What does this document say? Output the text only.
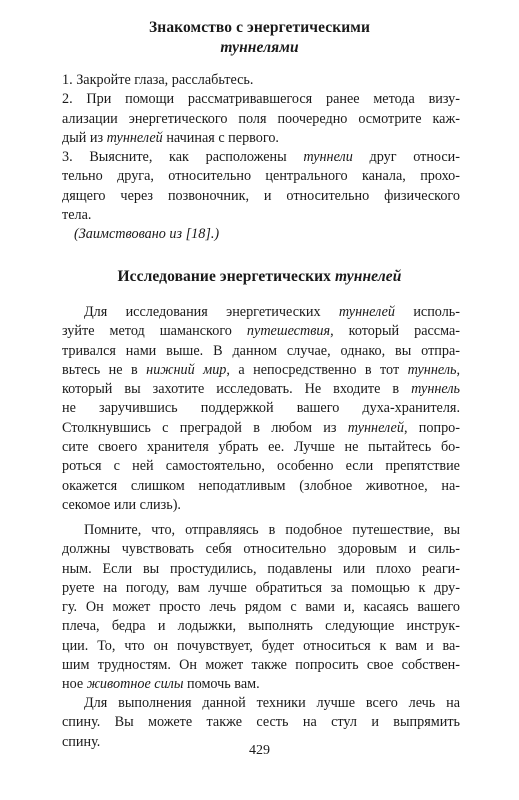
Знакомство с энергетическими
туннелями
1. Закройте глаза, расслабьтесь.
2. При помощи рассматривавшегося ранее метода визу-
ализации энергетического поля поочередно осмотрите каж-
дый из туннелей начиная с первого.
3. Выясните, как расположены туннели друг относи-
тельно друга, относительно центрального канала, прохо-
дящего через позвоночник, и относительно физического
тела.
(Заимствовано из [18].)
Исследование энергетических туннелей
Для исследования энергетических туннелей исполь-
зуйте метод шаманского путешествия, который рассма-
тривался нами выше. В данном случае, однако, вы отпра-
вьтесь не в нижний мир, а непосредственно в тот туннель,
который вы захотите исследовать. Не входите в туннель
не заручившись поддержкой вашего духа-хранителя.
Столкнувшись с преградой в любом из туннелей, попро-
сите своего хранителя убрать ее. Лучше не пытайтесь бо-
роться с ней самостоятельно, особенно если препятствие
окажется слишком неподатливым (злобное животное, на-
секомое или слизь).
Помните, что, отправляясь в подобное путешествие, вы
должны чувствовать себя относительно здоровым и силь-
ным. Если вы простудились, подавлены или плохо реаги-
руете на погоду, вам лучше обратиться за помощью к дру-
гу. Он может просто лечь рядом с вами и, касаясь вашего
плеча, бедра и лодыжки, выполнять следующие инструк-
ции. То, что он почувствует, будет относиться к вам и ва-
шим трудностям. Он может также попросить свое собствен-
ное животное силы помочь вам.
Для выполнения данной техники лучше всего лечь на
спину. Вы можете также сесть на стул и выпрямить
спину.
429
